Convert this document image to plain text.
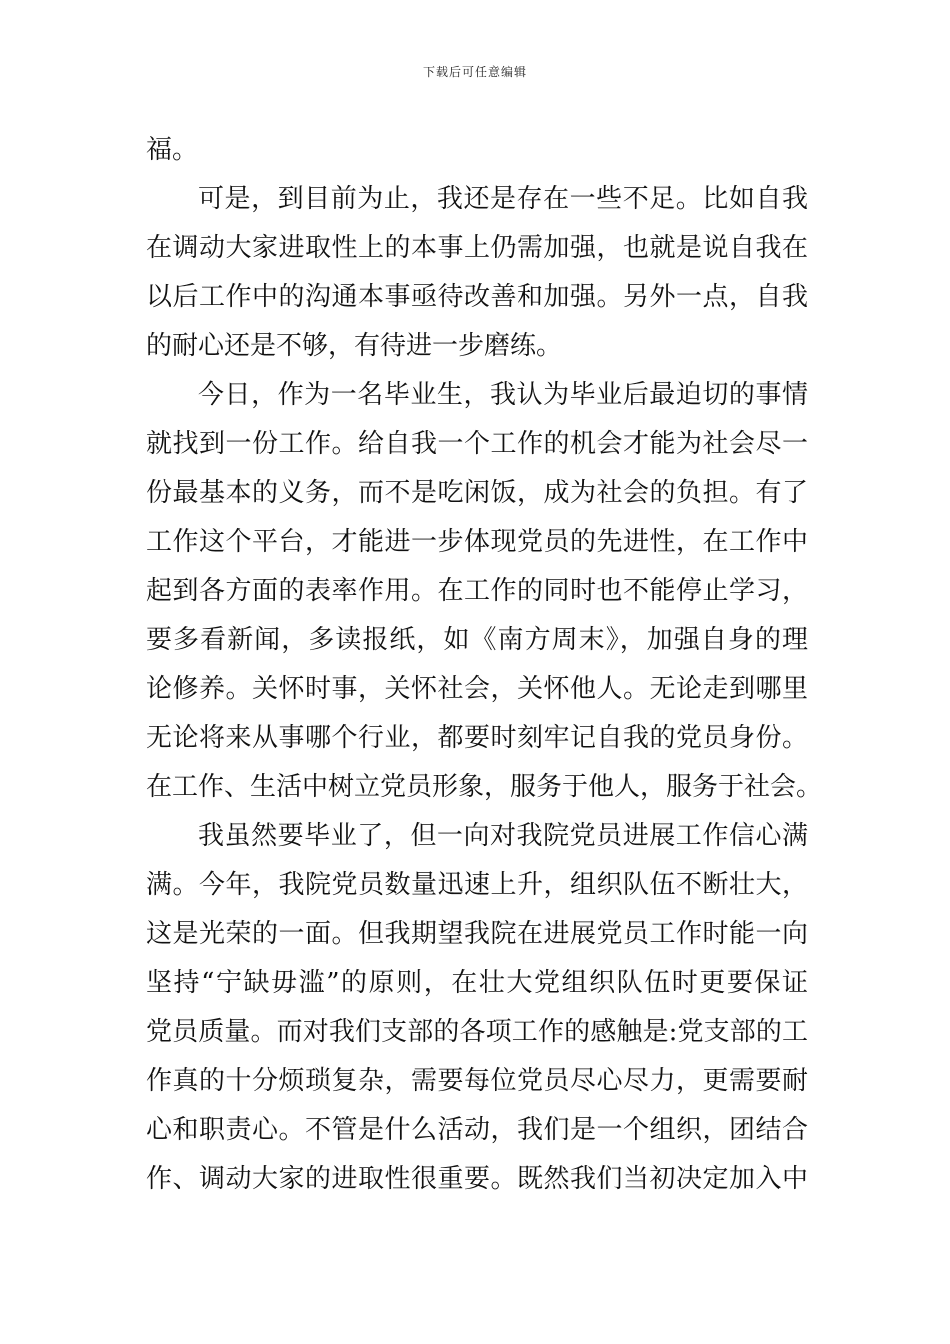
下载后可任意编辑
福。
可是，到目前为止，我还是存在一些不足。比如自我
在调动大家进取性上的本事上仍需加强，也就是说自我在
以后工作中的沟通本事亟待改善和加强。另外一点，自我
的耐心还是不够，有待进一步磨练。
今日，作为一名毕业生，我认为毕业后最迫切的事情
就找到一份工作。给自我一个工作的机会才能为社会尽一
份最基本的义务，而不是吃闲饭，成为社会的负担。有了
工作这个平台，才能进一步体现党员的先进性，在工作中
起到各方面的表率作用。在工作的同时也不能停止学习，
要多看新闻，多读报纸，如《南方周末》，加强自身的理
论修养。关怀时事，关怀社会，关怀他人。无论走到哪里
无论将来从事哪个行业，都要时刻牢记自我的党员身份。
在工作、生活中树立党员形象，服务于他人，服务于社会。
我虽然要毕业了，但一向对我院党员进展工作信心满
满。今年，我院党员数量迅速上升，组织队伍不断壮大，
这是光荣的一面。但我期望我院在进展党员工作时能一向
坚持“宁缺毋滥”的原则，在壮大党组织队伍时更要保证
党员质量。而对我们支部的各项工作的感触是:党支部的工
作真的十分烦琐复杂，需要每位党员尽心尽力，更需要耐
心和职责心。不管是什么活动，我们是一个组织，团结合
作、调动大家的进取性很重要。既然我们当初决定加入中
